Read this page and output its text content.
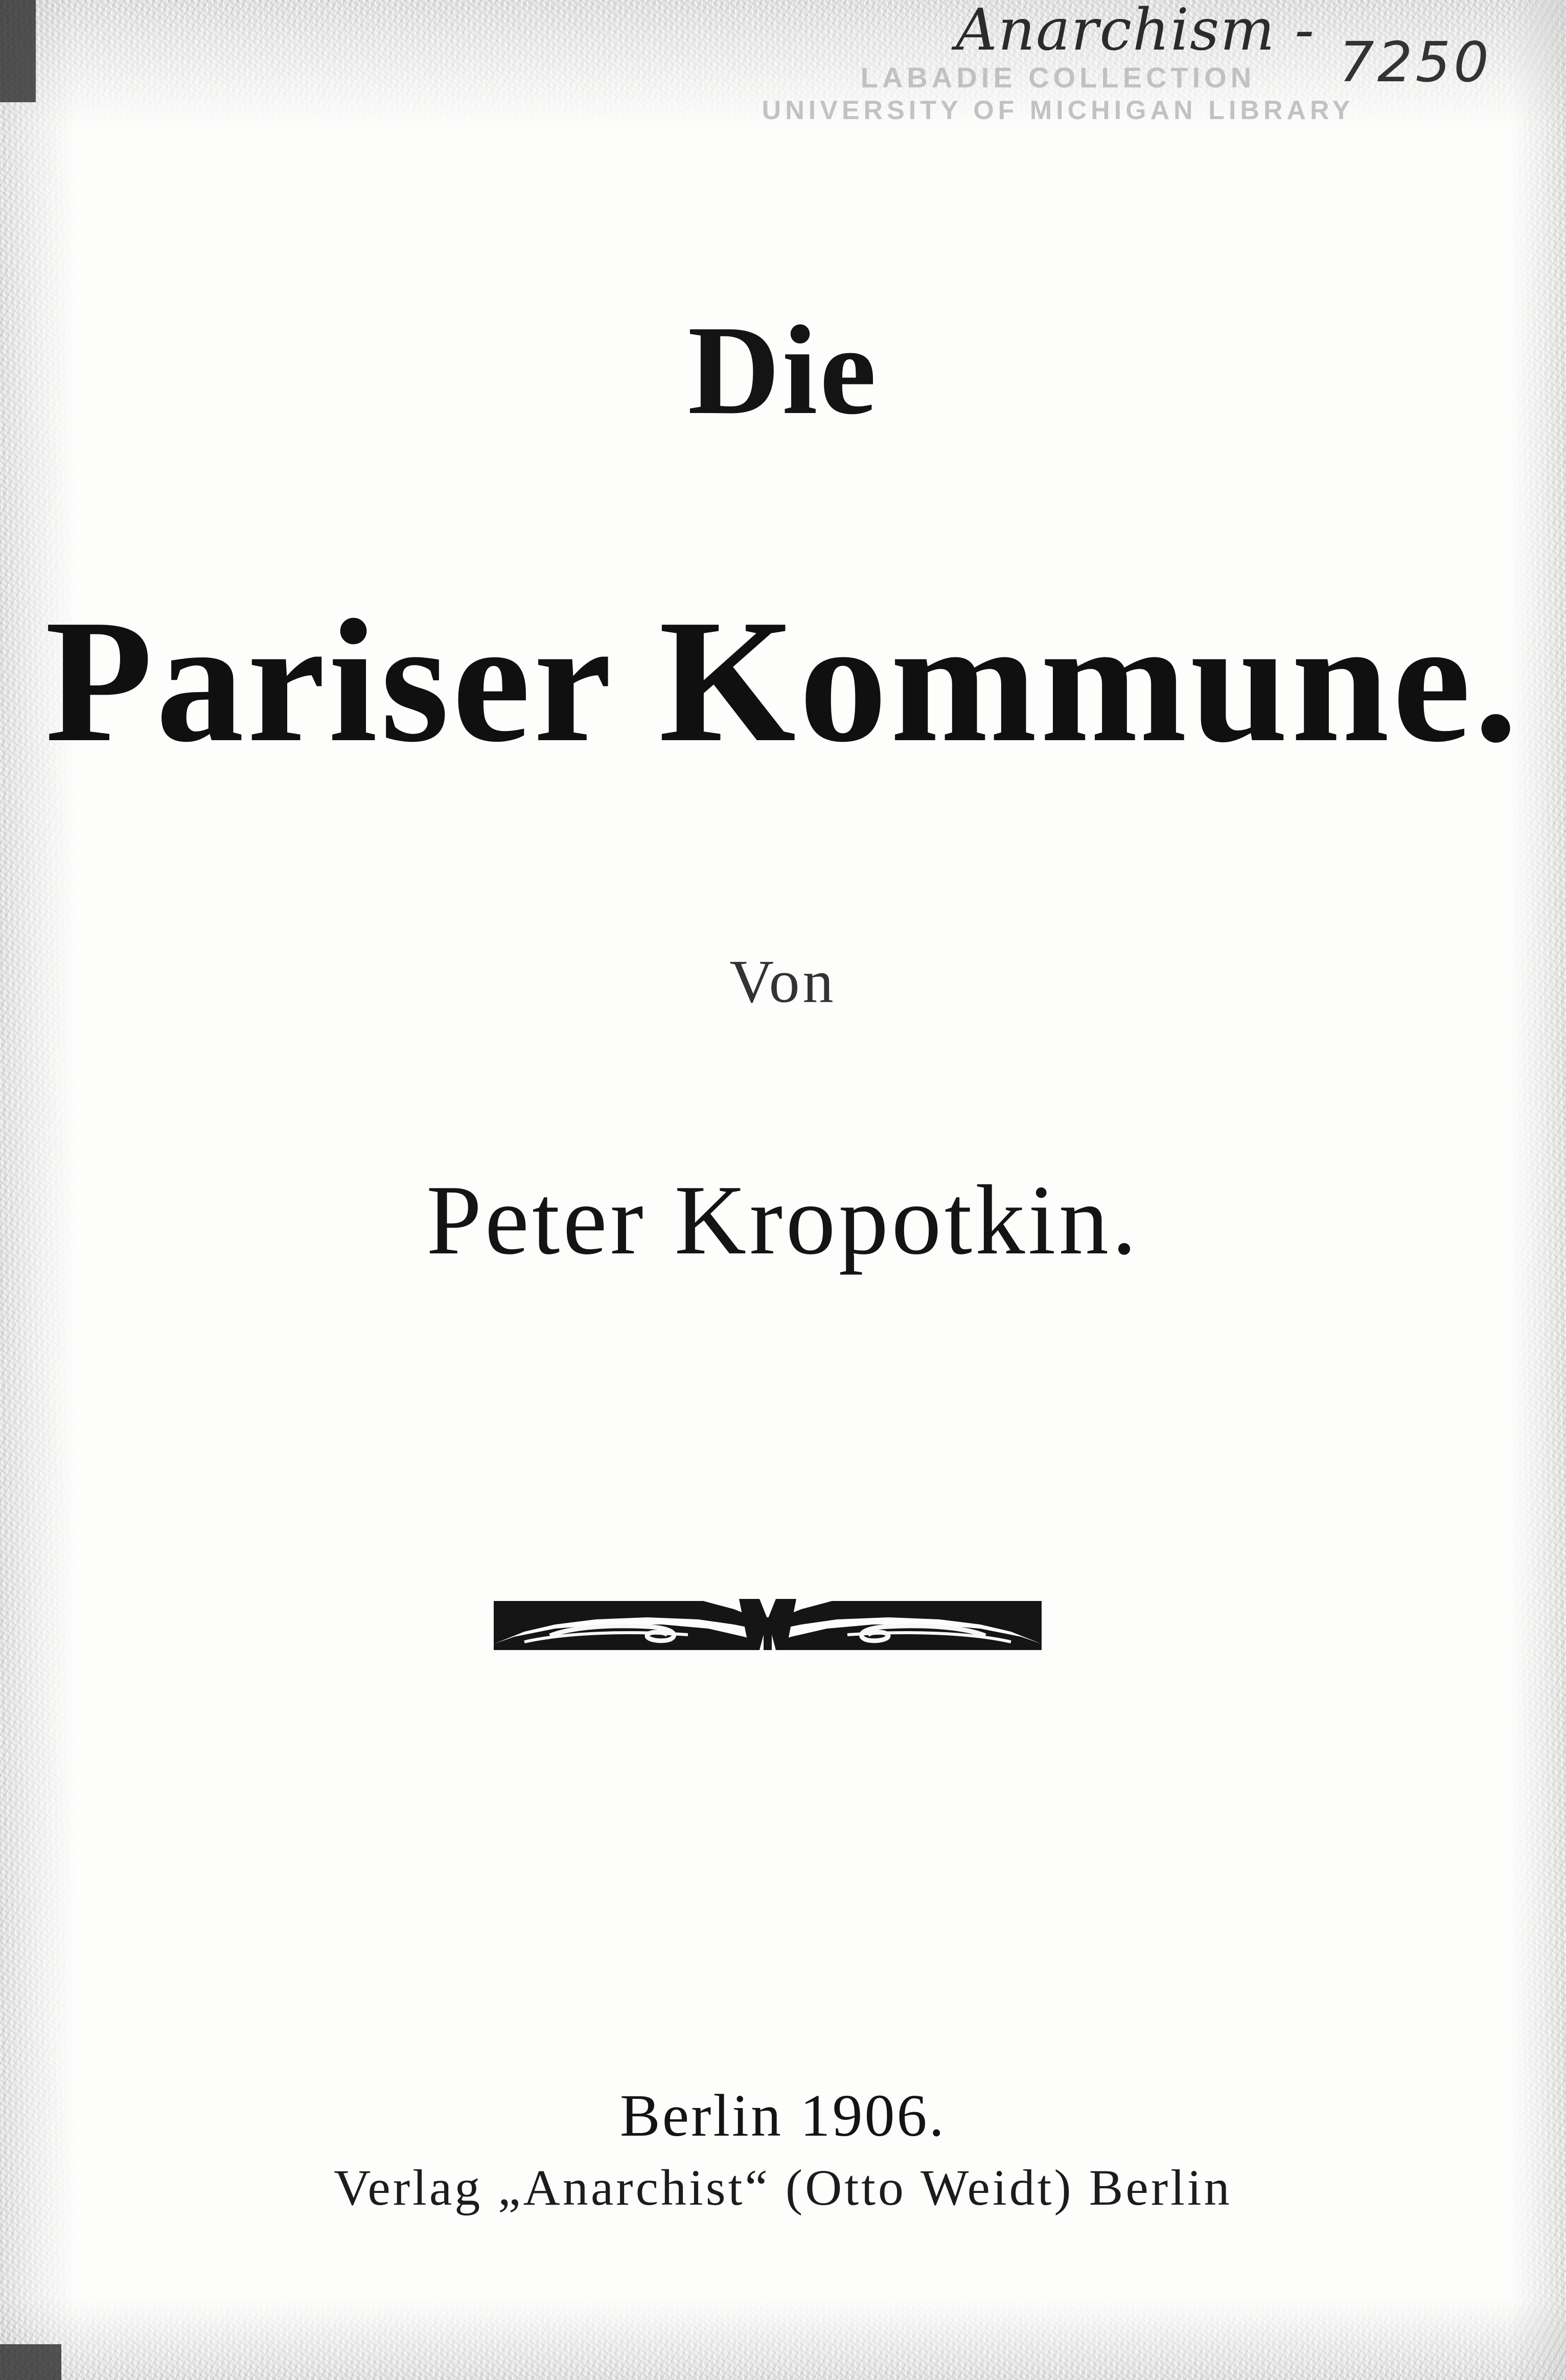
LABADIE COLLECTION
UNIVERSITY OF MICHIGAN LIBRARY
Anarchism - 7250
Die
Pariser Kommune.
Von
Peter Kropotkin.
Berlin 1906.
Verlag „Anarchist“ (Otto Weidt) Berlin
